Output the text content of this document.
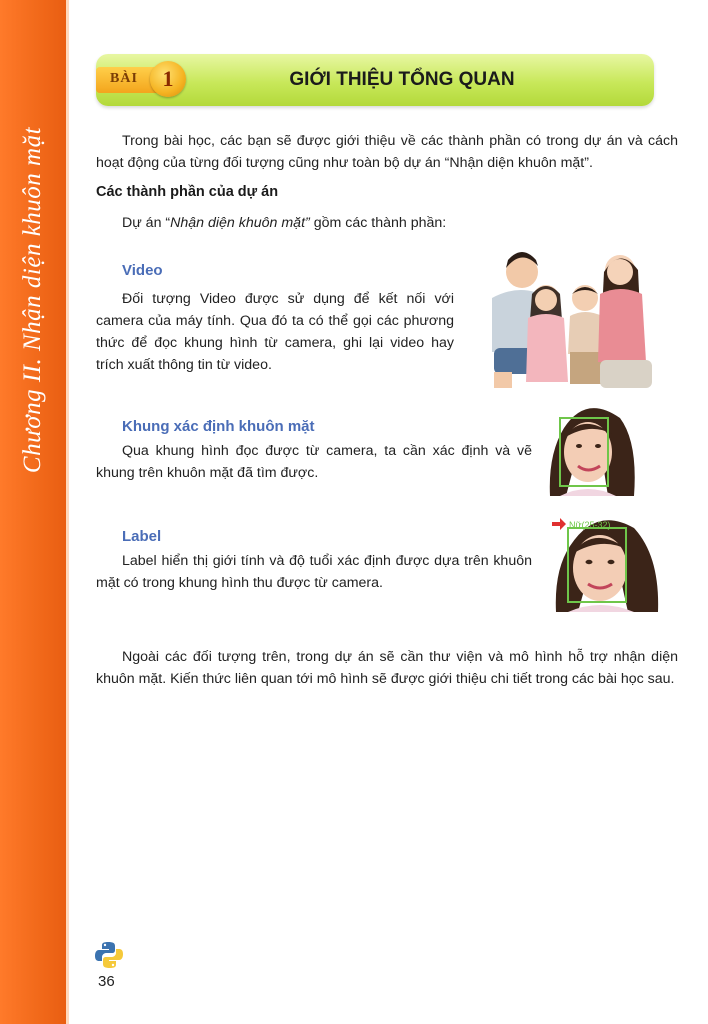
Chương II. Nhận diện khuôn mặt
BÀI	1	GIỚI THIỆU TỔNG QUAN

Trong bài học, các bạn sẽ được giới thiệu về các thành phần có trong dự án và cách hoạt động của từng đối tượng cũng như toàn bộ dự án “Nhận diện khuôn mặt”.

Các thành phần của dự án

Dự án “Nhận diện khuôn mặt” gồm các thành phần:

Video

Đối tượng Video được sử dụng để kết nối với camera của máy tính. Qua đó ta có thể gọi các phương thức để đọc khung hình từ camera, ghi lại video hay trích xuất thông tin từ video.

Khung xác định khuôn mặt

Qua khung hình đọc được từ camera, ta cần xác định và vẽ khung trên khuôn mặt đã tìm được.

Label

Label hiển thị giới tính và độ tuổi xác định được dựa trên khuôn mặt có trong khung hình thu được từ camera.

Nữ(25-32)

Ngoài các đối tượng trên, trong dự án sẽ cần thư viện và mô hình hỗ trợ nhận diện khuôn mặt. Kiến thức liên quan tới mô hình sẽ được giới thiệu chi tiết trong các bài học sau.

36
